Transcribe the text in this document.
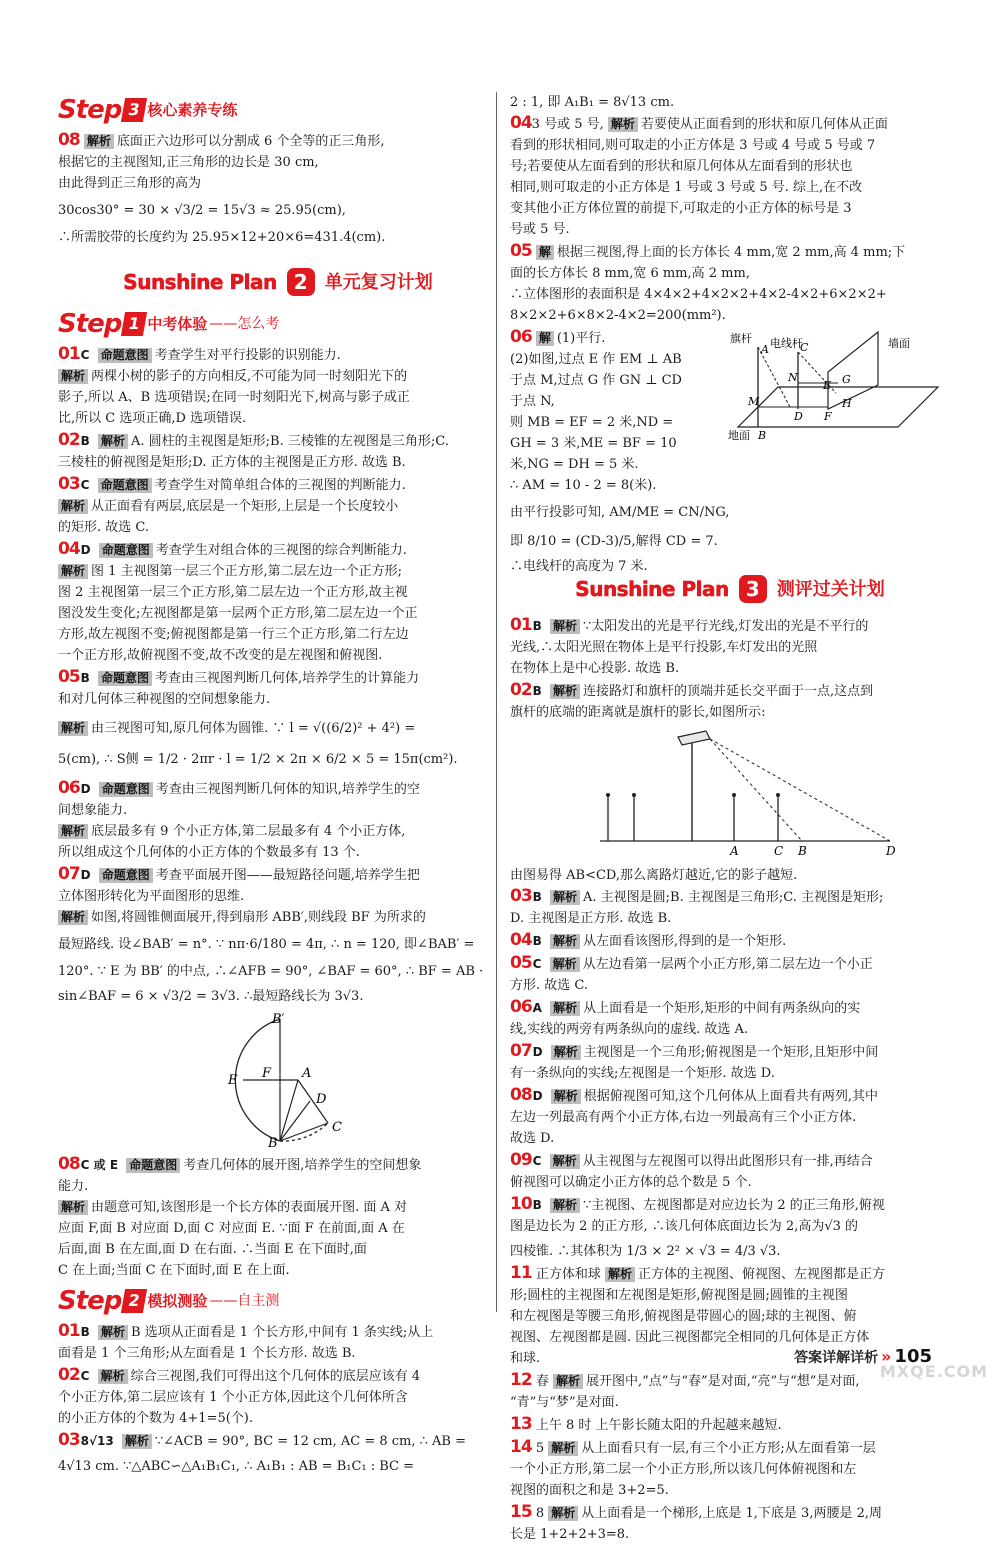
Step 3 核心素养专练
08 解析 底面正六边形可以分割成 6 个全等的正三角形,
根据它的主视图知,正三角形的边长是 30 cm,
由此得到正三角形的高为
30cos30° = 30 × √3/2 = 15√3 ≈ 25.95(cm),
∴所需胶带的长度约为 25.95×12+20×6=431.4(cm).
Sunshine Plan 2 单元复习计划
Step 1 中考体验 ——怎么考
01C 命题意图 考查学生对平行投影的识别能力.
解析 两棵小树的影子的方向相反,不可能为同一时刻阳光下的
影子,所以 A、B 选项错误;在同一时刻阳光下,树高与影子成正
比,所以 C 选项正确,D 选项错误.
02B 解析 A. 圆柱的主视图是矩形;B. 三棱锥的左视图是三角形;C.
三棱柱的俯视图是矩形;D. 正方体的主视图是正方形. 故选 B.
03C 命题意图 考查学生对简单组合体的三视图的判断能力.
解析 从正面看有两层,底层是一个矩形,上层是一个长度较小
的矩形. 故选 C.
04D 命题意图 考查学生对组合体的三视图的综合判断能力.
解析 图 1 主视图第一层三个正方形,第二层左边一个正方形;
图 2 主视图第一层三个正方形,第二层左边一个正方形,故主视
图没发生变化;左视图都是第一层两个正方形,第二层左边一个正
方形,故左视图不变;俯视图都是第一行三个正方形,第二行左边
一个正方形,故俯视图不变,故不改变的是左视图和俯视图.
05B 命题意图 考查由三视图判断几何体,培养学生的计算能力
和对几何体三种视图的空间想象能力.
解析 由三视图可知,原几何体为圆锥. ∵ l = √((6/2)² + 4²) =
5(cm), ∴ S侧 = 1/2 · 2πr · l = 1/2 × 2π × 6/2 × 5 = 15π(cm²).
06D 命题意图 考查由三视图判断几何体的知识,培养学生的空
间想象能力.
解析 底层最多有 9 个小正方体,第二层最多有 4 个小正方体,
所以组成这个几何体的小正方体的个数最多有 13 个.
07D 命题意图 考查平面展开图——最短路径问题,培养学生把
立体图形转化为平面图形的思维.
解析 如图,将圆锥侧面展开,得到扇形 ABB′,则线段 BF 为所求的
最短路线. 设∠BAB′ = n°. ∵ nπ·6/180 = 4π, ∴ n = 120, 即∠BAB′ =
120°. ∵ E 为 BB′ 的中点, ∴∠AFB = 90°, ∠BAF = 60°, ∴ BF = AB ·
sin∠BAF = 6 × √3/2 = 3√3. ∴最短路线长为 3√3.
B′
E F A
D
B
C
08C 或 E 命题意图 考查几何体的展开图,培养学生的空间想象
能力.
解析 由题意可知,该图形是一个长方体的表面展开图. 面 A 对
应面 F,面 B 对应面 D,面 C 对应面 E. ∵面 F 在前面,面 A 在
后面,面 B 在左面,面 D 在右面. ∴当面 E 在下面时,面
C 在上面;当面 C 在下面时,面 E 在上面.
Step 2 模拟测验 ——自主测
01B 解析 B 选项从正面看是 1 个长方形,中间有 1 条实线;从上
面看是 1 个三角形;从左面看是 1 个长方形. 故选 B.
02C 解析 综合三视图,我们可得出这个几何体的底层应该有 4
个小正方体,第二层应该有 1 个小正方体,因此这个几何体所含
的小正方体的个数为 4+1=5(个).
038√13 解析 ∵∠ACB = 90°, BC = 12 cm, AC = 8 cm, ∴ AB =
4√13 cm. ∵△ABC∽△A₁B₁C₁, ∴ A₁B₁ : AB = B₁C₁ : BC =
2 : 1, 即 A₁B₁ = 8√13 cm.
043 号或 5 号, 解析 若要使从正面看到的形状和原几何体从正面
看到的形状相同,则可取走的小正方体是 3 号或 4 号或 5 号或 7
号;若要使从左面看到的形状和原几何体从左面看到的形状也
相同,则可取走的小正方体是 1 号或 3 号或 5 号. 综上,在不改
变其他小正方体位置的前提下,可取走的小正方体的标号是 3
号或 5 号.
05 解 根据三视图,得上面的长方体长 4 mm,宽 2 mm,高 4 mm;下
面的长方体长 8 mm,宽 6 mm,高 2 mm,
∴立体图形的表面积是 4×4×2+4×2×2+4×2-4×2+6×2×2+
8×2×2+6×8×2-4×2=200(mm²).
06 解 (1)平行.
(2)如图,过点 E 作 EM ⊥ AB
于点 M,过点 G 作 GN ⊥ CD
于点 N,
则 MB = EF = 2 米,ND =
GH = 3 米,ME = BF = 10
米,NG = DH = 5 米.
∴ AM = 10 - 2 = 8(米).
旗杆 电线杆	墙面
地面
A
B
C
D
E
F
G
H
M
N
由平行投影可知, AM/ME = CN/NG,
即 8/10 = (CD-3)/5,解得 CD = 7.
∴电线杆的高度为 7 米.
Sunshine Plan 3 测评过关计划
01B 解析 ∵太阳发出的光是平行光线,灯发出的光是不平行的
光线,∴太阳光照在物体上是平行投影,车灯发出的光照
在物体上是中心投影. 故选 B.
02B 解析 连接路灯和旗杆的顶端并延长交平面于一点,这点到
旗杆的底端的距离就是旗杆的影长,如图所示:
A	C B	D
由图易得 AB<CD,那么离路灯越近,它的影子越短.
03B 解析 A. 主视图是圆;B. 主视图是三角形;C. 主视图是矩形;
D. 主视图是正方形. 故选 B.
04B 解析 从左面看该图形,得到的是一个矩形.
05C 解析 从左边看第一层两个小正方形,第二层左边一个小正
方形. 故选 C.
06A 解析 从上面看是一个矩形,矩形的中间有两条纵向的实
线,实线的两旁有两条纵向的虚线. 故选 A.
07D 解析 主视图是一个三角形;俯视图是一个矩形,且矩形中间
有一条纵向的实线;左视图是一个矩形. 故选 D.
08D 解析 根据俯视图可知,这个几何体从上面看共有两列,其中
左边一列最高有两个小正方体,右边一列最高有三个小正方体.
故选 D.
09C 解析 从主视图与左视图可以得出此图形只有一排,再结合
俯视图可以确定小正方体的总个数是 5 个.
10B 解析 ∵主视图、左视图都是对应边长为 2 的正三角形,俯视
图是边长为 2 的正方形, ∴该几何体底面边长为 2,高为√3 的
四棱锥. ∴其体积为 1/3 × 2² × √3 = 4/3 √3.
11 正方体和球 解析 正方体的主视图、俯视图、左视图都是正方
形;圆柱的主视图和左视图是矩形,俯视图是圆;圆锥的主视图
和左视图是等腰三角形,俯视图是带圆心的圆;球的主视图、俯
视图、左视图都是圆. 因此三视图都完全相同的几何体是正方体
和球.
12 春 解析 展开图中,“点”与“春”是对面,“亮”与“想”是对面,
“青”与“梦”是对面.
13 上午 8 时 上午影长随太阳的升起越来越短.
14 5 解析 从上面看只有一层,有三个小正方形;从左面看第一层
一个小正方形,第二层一个小正方形,所以该几何体俯视图和左
视图的面积之和是 3+2=5.
15 8 解析 从上面看是一个梯形,上底是 1,下底是 3,两腰是 2,周
长是 1+2+2+3=8.
答案详解详析 » 105
MXQE.COM
